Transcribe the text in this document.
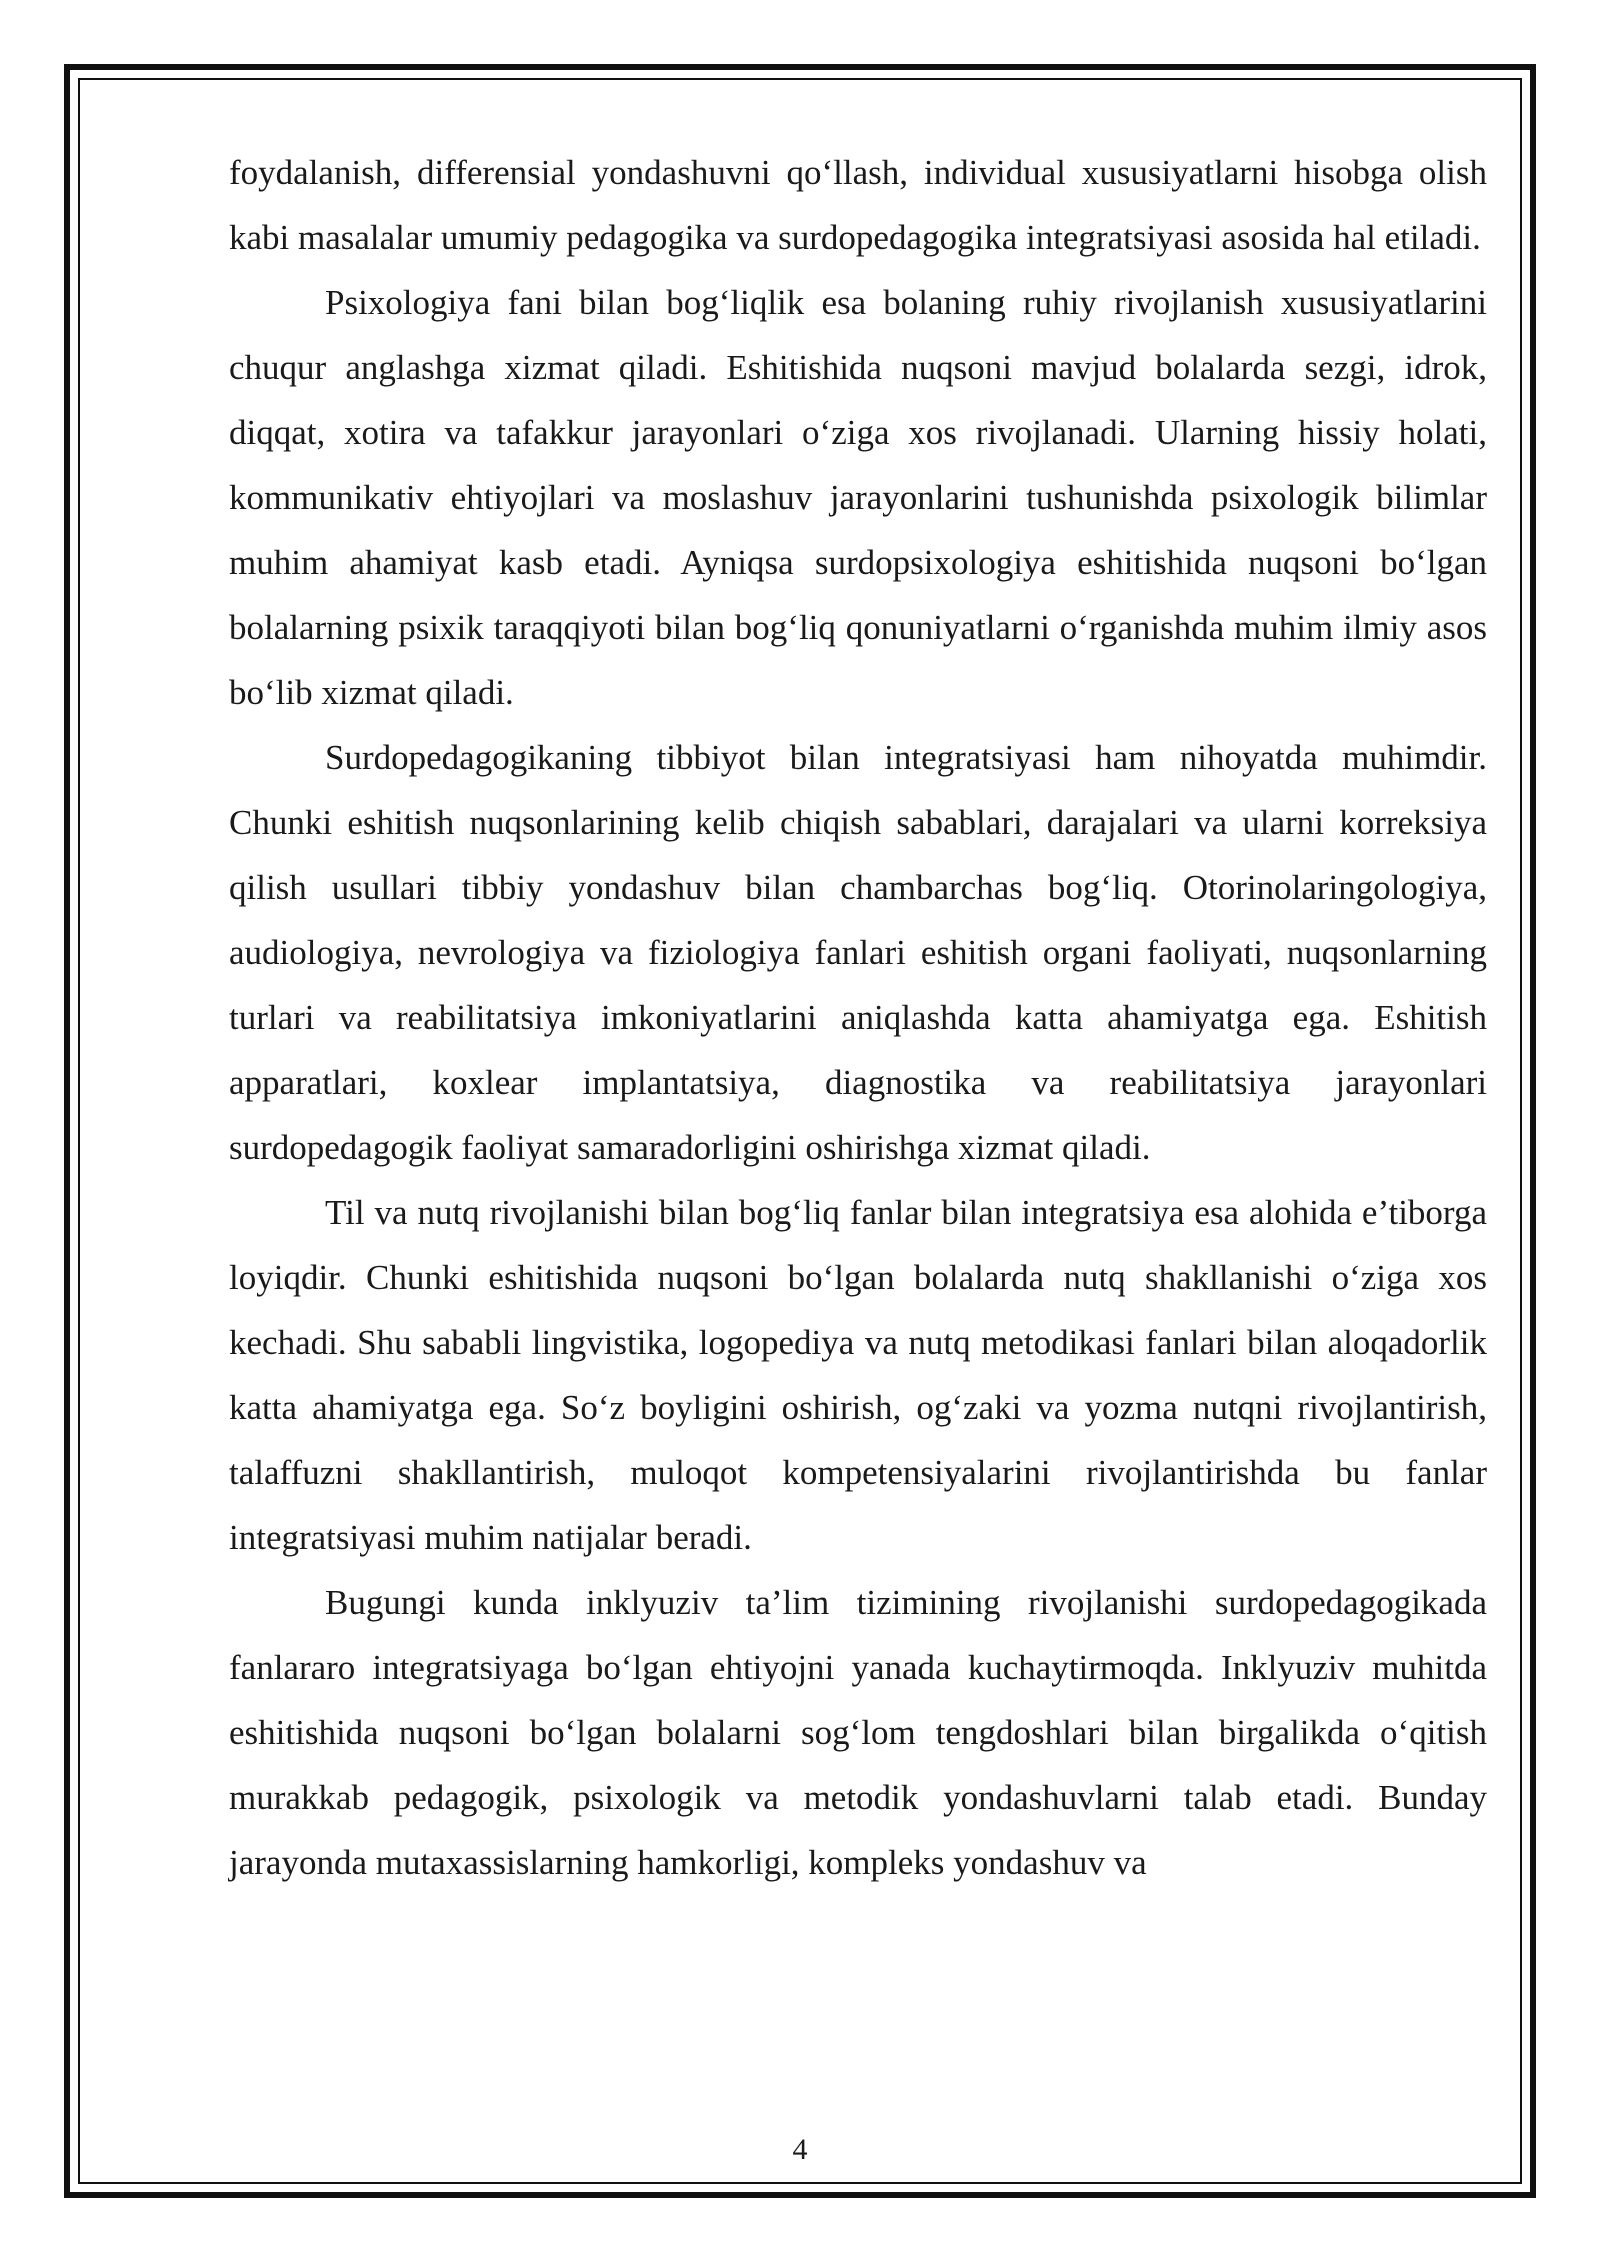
foydalanish, differensial yondashuvni qo‘llash, individual xususiyatlarni hisobga olish kabi masalalar umumiy pedagogika va surdopedagogika integratsiyasi asosida hal etiladi.

Psixologiya fani bilan bog‘liqlik esa bolaning ruhiy rivojlanish xususiyatlarini chuqur anglashga xizmat qiladi. Eshitishida nuqsoni mavjud bolalarda sezgi, idrok, diqqat, xotira va tafakkur jarayonlari o‘ziga xos rivojlanadi. Ularning hissiy holati, kommunikativ ehtiyojlari va moslashuv jarayonlarini tushunishda psixologik bilimlar muhim ahamiyat kasb etadi. Ayniqsa surdopsixologiya eshitishida nuqsoni bo‘lgan bolalarning psixik taraqqiyoti bilan bog‘liq qonuniyatlarni o‘rganishda muhim ilmiy asos bo‘lib xizmat qiladi.

Surdopedagogikaning tibbiyot bilan integratsiyasi ham nihoyatda muhimdir. Chunki eshitish nuqsonlarining kelib chiqish sabablari, darajalari va ularni korreksiya qilish usullari tibbiy yondashuv bilan chambarchas bog‘liq. Otorinolaringologiya, audiologiya, nevrologiya va fiziologiya fanlari eshitish organi faoliyati, nuqsonlarning turlari va reabilitatsiya imkoniyatlarini aniqlashda katta ahamiyatga ega. Eshitish apparatlari, koxlear implantatsiya, diagnostika va reabilitatsiya jarayonlari surdopedagogik faoliyat samaradorligini oshirishga xizmat qiladi.

Til va nutq rivojlanishi bilan bog‘liq fanlar bilan integratsiya esa alohida e’tiborga loyiqdir. Chunki eshitishida nuqsoni bo‘lgan bolalarda nutq shakllanishi o‘ziga xos kechadi. Shu sababli lingvistika, logopediya va nutq metodikasi fanlari bilan aloqadorlik katta ahamiyatga ega. So‘z boyligini oshirish, og‘zaki va yozma nutqni rivojlantirish, talaffuzni shakllantirish, muloqot kompetensiyalarini rivojlantirishda bu fanlar integratsiyasi muhim natijalar beradi.

Bugungi kunda inklyuziv ta’lim tizimining rivojlanishi surdopedagogikada fanlararo integratsiyaga bo‘lgan ehtiyojni yanada kuchaytirmoqda. Inklyuziv muhitda eshitishida nuqsoni bo‘lgan bolalarni sog‘lom tengdoshlari bilan birgalikda o‘qitish murakkab pedagogik, psixologik va metodik yondashuvlarni talab etadi. Bunday jarayonda mutaxassislarning hamkorligi, kompleks yondashuv va

4
